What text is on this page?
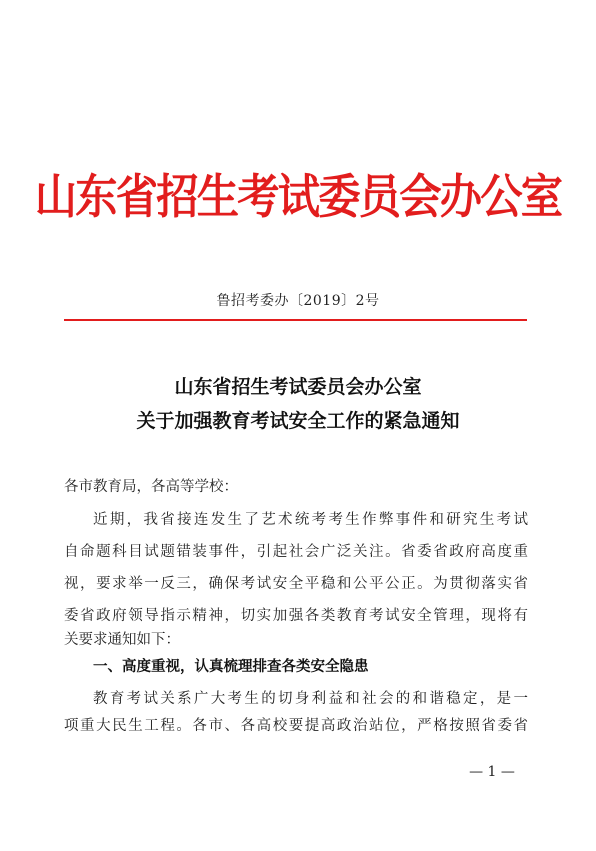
山东省招生考试委员会办公室
鲁招考委办〔2019〕2号
山东省招生考试委员会办公室
关于加强教育考试安全工作的紧急通知
各市教育局，各高等学校：
近期，我省接连发生了艺术统考考生作弊事件和研究生考试
自命题科目试题错装事件，引起社会广泛关注。省委省政府高度重
视，要求举一反三，确保考试安全平稳和公平公正。为贯彻落实省
委省政府领导指示精神，切实加强各类教育考试安全管理，现将有
关要求通知如下：
一、高度重视，认真梳理排查各类安全隐患
教育考试关系广大考生的切身利益和社会的和谐稳定，是一
项重大民生工程。各市、各高校要提高政治站位，严格按照省委省
— 1 —
